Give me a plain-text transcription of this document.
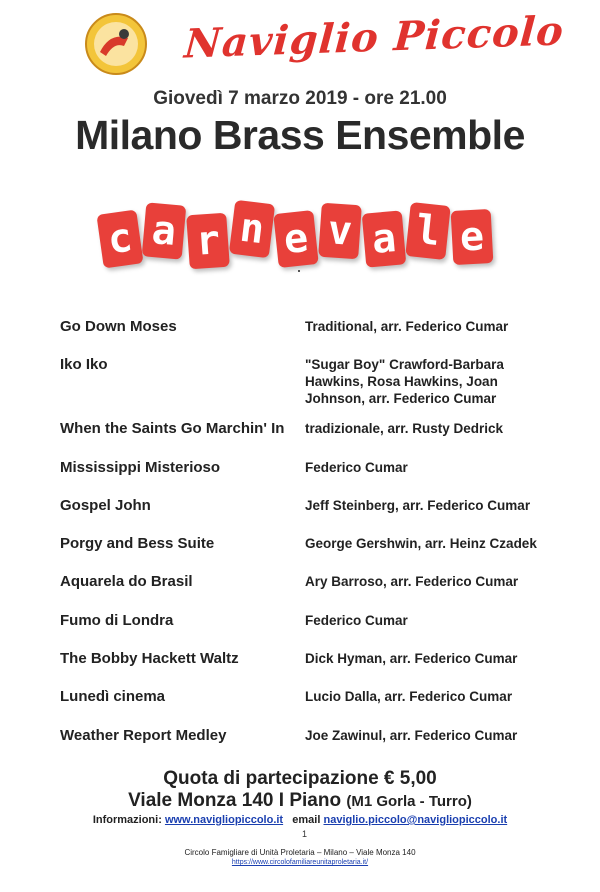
Naviglio Piccolo
Giovedì 7 marzo 2019 - ore 21.00
Milano Brass Ensemble
c a r n e v a l e
Go Down Moses	Traditional, arr. Federico Cumar
Iko Iko	"Sugar Boy" Crawford-Barbara Hawkins, Rosa Hawkins, Joan Johnson, arr. Federico Cumar
When the Saints Go Marchin' In	tradizionale, arr. Rusty Dedrick
Mississippi Misterioso	Federico Cumar
Gospel John	Jeff Steinberg, arr. Federico Cumar
Porgy and Bess Suite	George Gershwin, arr. Heinz Czadek
Aquarela do Brasil	Ary Barroso, arr. Federico Cumar
Fumo di Londra	Federico Cumar
The Bobby Hackett Waltz	Dick Hyman, arr. Federico Cumar
Lunedì cinema	Lucio Dalla, arr. Federico Cumar
Weather Report Medley	Joe Zawinul, arr. Federico Cumar
Quota di partecipazione € 5,00
Viale Monza 140 I Piano (M1 Gorla - Turro)
Informazioni: www.navigliopiccolo.it email naviglio.piccolo@navigliopiccolo.it
1
Circolo Famigliare di Unità Proletaria – Milano – Viale Monza 140
https://www.circolofamiliareunitaproletaria.it/
